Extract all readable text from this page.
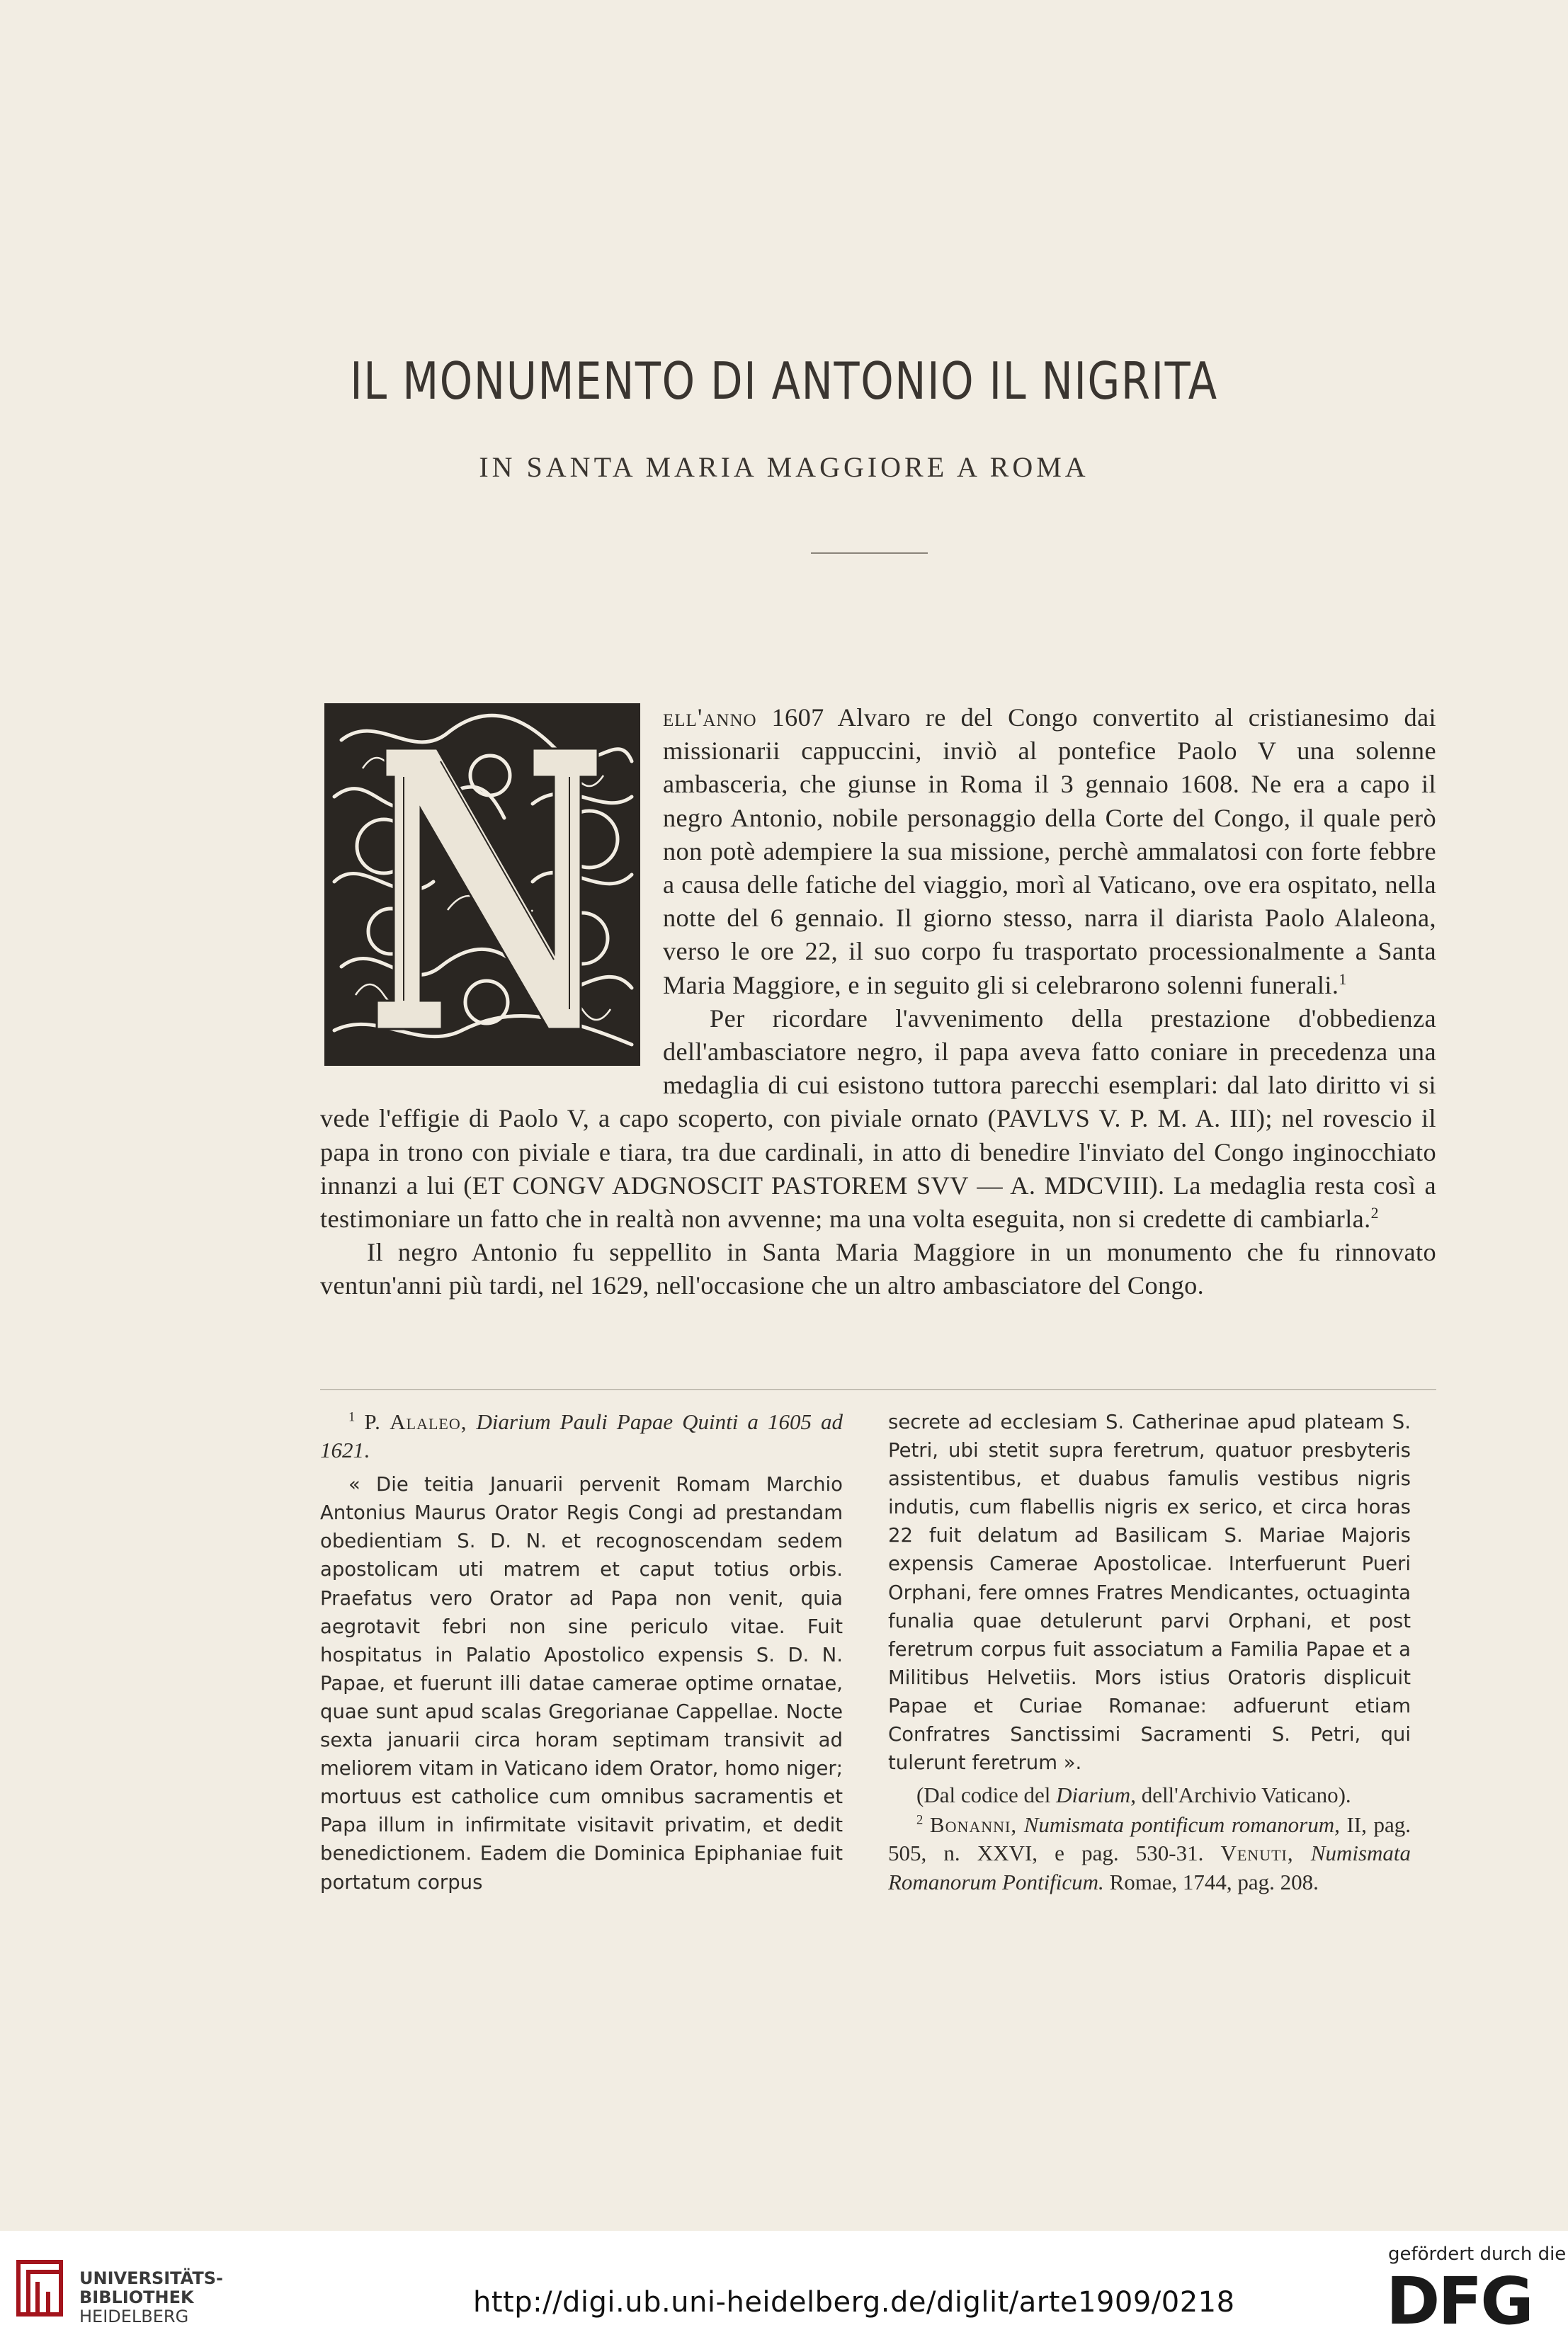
IL MONUMENTO DI ANTONIO IL NIGRITA
IN SANTA MARIA MAGGIORE A ROMA

ell'anno 1607 Alvaro re del Congo convertito al cristianesimo dai missionarii cappuccini, inviò al pontefice Paolo V una solenne ambasceria, che giunse in Roma il 3 gennaio 1608. Ne era a capo il negro Antonio, nobile personaggio della Corte del Congo, il quale però non potè adempiere la sua missione, perchè ammalatosi con forte febbre a causa delle fatiche del viaggio, morì al Vaticano, ove era ospitato, nella notte del 6 gennaio. Il giorno stesso, narra il diarista Paolo Alaleona, verso le ore 22, il suo corpo fu trasportato processionalmente a Santa Maria Maggiore, e in seguito gli si celebrarono solenni funerali.$^1$

Per ricordare l'avvenimento della prestazione d'obbedienza dell'ambasciatore negro, il papa aveva fatto coniare in precedenza una medaglia di cui esistono tuttora parecchi esemplari: dal lato diritto vi si vede l'effigie di Paolo V, a capo scoperto, con piviale ornato (PAVLVS V. P. M. A. III); nel rovescio il papa in trono con piviale e tiara, tra due cardinali, in atto di benedire l'inviato del Congo inginocchiato innanzi a lui (ET CONGV ADGNOSCIT PASTOREM SVV — A. MDCVIII). La medaglia resta così a testimoniare un fatto che in realtà non avvenne; ma una volta eseguita, non si credette di cambiarla.$^2$

Il negro Antonio fu seppellito in Santa Maria Maggiore in un monumento che fu rinnovato ventun'anni più tardi, nel 1629, nell'occasione che un altro ambasciatore del Congo.

$^1$ P. Alaleo, Diarium Pauli Papae Quinti a 1605 ad 1621.

« Die teitia Januarii pervenit Romam Marchio Antonius Maurus Orator Regis Congi ad prestandam obedientiam S. D. N. et recognoscendam sedem apostolicam uti matrem et caput totius orbis. Praefatus vero Orator ad Papa non venit, quia aegrotavit febri non sine periculo vitae. Fuit hospitatus in Palatio Apostolico expensis S. D. N. Papae, et fuerunt illi datae camerae optime ornatae, quae sunt apud scalas Gregorianae Cappellae. Nocte sexta januarii circa horam septimam transivit ad meliorem vitam in Vaticano idem Orator, homo niger; mortuus est catholice cum omnibus sacramentis et Papa illum in infirmitate visitavit privatim, et dedit benedictionem. Eadem die Dominica Epiphaniae fuit portatum corpus

secrete ad ecclesiam S. Catherinae apud plateam S. Petri, ubi stetit supra feretrum, quatuor presbyteris assistentibus, et duabus famulis vestibus nigris indutis, cum flabellis nigris ex serico, et circa horas 22 fuit delatum ad Basilicam S. Mariae Majoris expensis Camerae Apostolicae. Interfuerunt Pueri Orphani, fere omnes Fratres Mendicantes, octuaginta funalia quae detulerunt parvi Orphani, et post feretrum corpus fuit associatum a Familia Papae et a Militibus Helvetiis. Mors istius Oratoris displicuit Papae et Curiae Romanae: adfuerunt etiam Confratres Sanctissimi Sacramenti S. Petri, qui tulerunt feretrum ».

(Dal codice del Diarium, dell'Archivio Vaticano).

$^2$ Bonanni, Numismata pontificum romanorum, II, pag. 505, n. XXVI, e pag. 530-31. Venuti, Numismata Romanorum Pontificum. Romae, 1744, pag. 208.

UNIVERSITÄTS-
BIBLIOTHEK
HEIDELBERG	http://digi.ub.uni-heidelberg.de/diglit/arte1909/0218
gefördert durch die
DFG
